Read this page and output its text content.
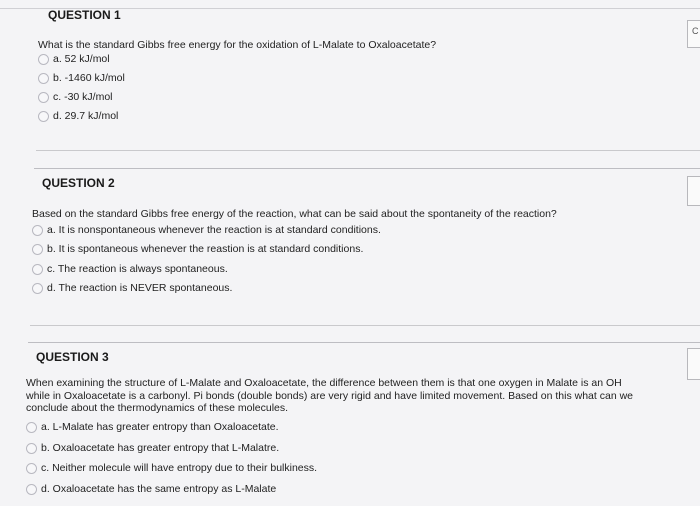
C
QUESTION 1
What is the standard Gibbs free energy for the oxidation of L-Malate to Oxaloacetate?
a. 52 kJ/mol
b. -1460 kJ/mol
c. -30 kJ/mol
d. 29.7 kJ/mol
QUESTION 2
Based on the standard Gibbs free energy of the reaction, what can be said about the spontaneity of the reaction?
a. It is nonspontaneous whenever the reaction is at standard conditions.
b. It is spontaneous whenever the reastion is at standard conditions.
c. The reaction is always spontaneous.
d. The reaction is NEVER spontaneous.
QUESTION 3
When examining the structure of L-Malate and Oxaloacetate, the difference between them is that one oxygen in Malate is an OH
while in Oxaloacetate is a carbonyl. Pi bonds (double bonds) are very rigid and have limited movement. Based on this what can we
conclude about the thermodynamics of these molecules.
a. L-Malate has greater entropy than Oxaloacetate.
b. Oxaloacetate has greater entropy that L-Malatre.
c. Neither molecule will have entropy due to their bulkiness.
d. Oxaloacetate has the same entropy as L-Malate
